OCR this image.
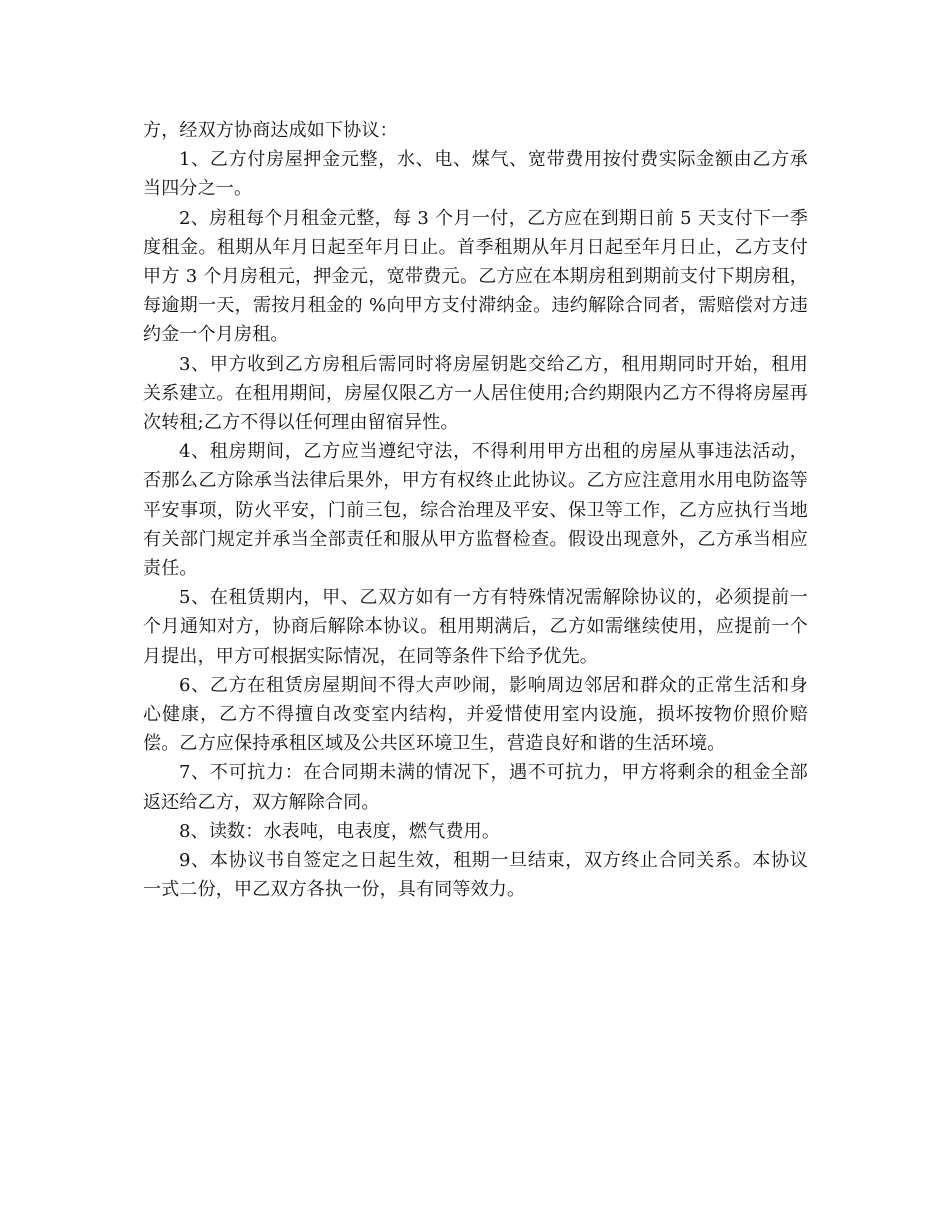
方，经双方协商达成如下协议：

1、乙方付房屋押金元整，水、电、煤气、宽带费用按付费实际金额由乙方承当四分之一。

2、房租每个月租金元整，每 3 个月一付，乙方应在到期日前 5 天支付下一季度租金。租期从年月日起至年月日止。首季租期从年月日起至年月日止，乙方支付甲方 3 个月房租元，押金元，宽带费元。乙方应在本期房租到期前支付下期房租，每逾期一天，需按月租金的 %向甲方支付滞纳金。违约解除合同者，需赔偿对方违约金一个月房租。

3、甲方收到乙方房租后需同时将房屋钥匙交给乙方，租用期同时开始，租用关系建立。在租用期间，房屋仅限乙方一人居住使用;合约期限内乙方不得将房屋再次转租;乙方不得以任何理由留宿异性。

4、租房期间，乙方应当遵纪守法，不得利用甲方出租的房屋从事违法活动，否那么乙方除承当法律后果外，甲方有权终止此协议。乙方应注意用水用电防盗等平安事项，防火平安，门前三包，综合治理及平安、保卫等工作，乙方应执行当地有关部门规定并承当全部责任和服从甲方监督检查。假设出现意外，乙方承当相应责任。

5、在租赁期内，甲、乙双方如有一方有特殊情况需解除协议的，必须提前一个月通知对方，协商后解除本协议。租用期满后，乙方如需继续使用，应提前一个月提出，甲方可根据实际情况，在同等条件下给予优先。

6、乙方在租赁房屋期间不得大声吵闹，影响周边邻居和群众的正常生活和身心健康，乙方不得擅自改变室内结构，并爱惜使用室内设施，损坏按物价照价赔偿。乙方应保持承租区域及公共区环境卫生，营造良好和谐的生活环境。

7、不可抗力：在合同期未满的情况下，遇不可抗力，甲方将剩余的租金全部返还给乙方，双方解除合同。

8、读数：水表吨，电表度，燃气费用。

9、本协议书自签定之日起生效，租期一旦结束，双方终止合同关系。本协议一式二份，甲乙双方各执一份，具有同等效力。
